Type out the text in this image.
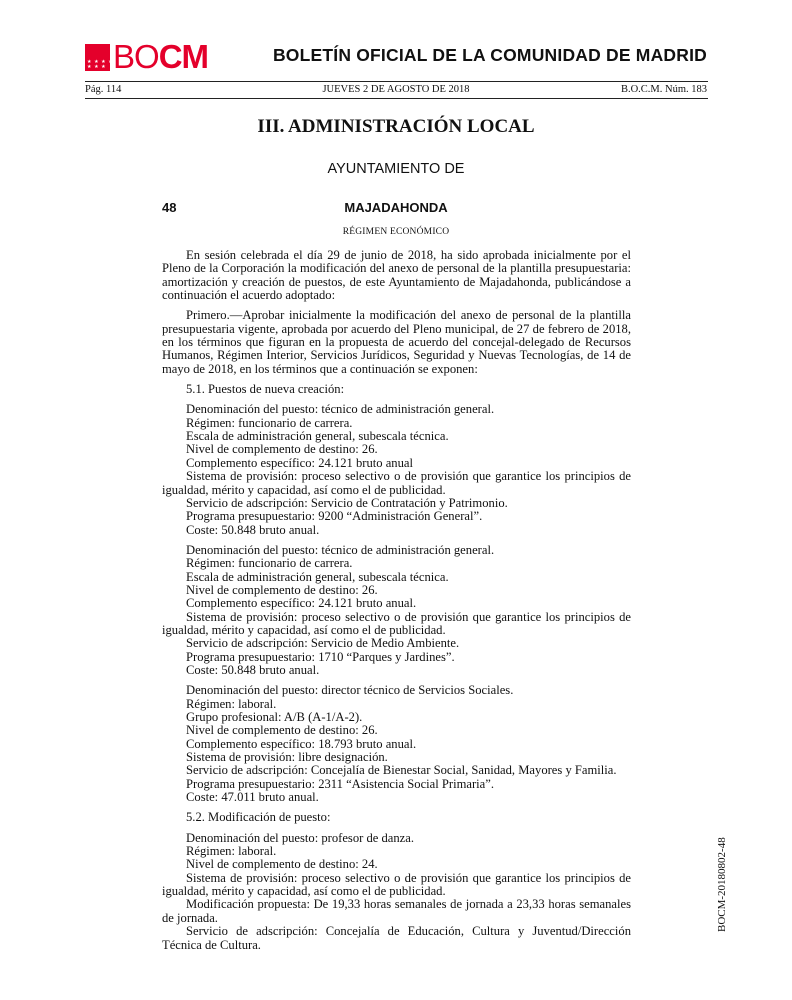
★ ★ ★ ★
★ ★ ★ BOCM	BOLETÍN OFICIAL DE LA COMUNIDAD DE MADRID
Pág. 114	JUEVES 2 DE AGOSTO DE 2018	B.O.C.M. Núm. 183
III. ADMINISTRACIÓN LOCAL
AYUNTAMIENTO DE
48	MAJADAHONDA
RÉGIMEN ECONÓMICO

En sesión celebrada el día 29 de junio de 2018, ha sido aprobada inicialmente por el Pleno de la Corporación la modificación del anexo de personal de la plantilla presupuestaria: amortización y creación de puestos, de este Ayuntamiento de Majadahonda, publicándose a continuación el acuerdo adoptado:

Primero.—Aprobar inicialmente la modificación del anexo de personal de la plantilla presupuestaria vigente, aprobada por acuerdo del Pleno municipal, de 27 de febrero de 2018, en los términos que figuran en la propuesta de acuerdo del concejal-delegado de Recursos Humanos, Régimen Interior, Servicios Jurídicos, Seguridad y Nuevas Tecnologías, de 14 de mayo de 2018, en los términos que a continuación se exponen:

5.1. Puestos de nueva creación:

Denominación del puesto: técnico de administración general.

Régimen: funcionario de carrera.

Escala de administración general, subescala técnica.

Nivel de complemento de destino: 26.

Complemento específico: 24.121 bruto anual

Sistema de provisión: proceso selectivo o de provisión que garantice los principios de igualdad, mérito y capacidad, así como el de publicidad.

Servicio de adscripción: Servicio de Contratación y Patrimonio.

Programa presupuestario: 9200 “Administración General”.

Coste: 50.848 bruto anual.

Denominación del puesto: técnico de administración general.

Régimen: funcionario de carrera.

Escala de administración general, subescala técnica.

Nivel de complemento de destino: 26.

Complemento específico: 24.121 bruto anual.

Sistema de provisión: proceso selectivo o de provisión que garantice los principios de igualdad, mérito y capacidad, así como el de publicidad.

Servicio de adscripción: Servicio de Medio Ambiente.

Programa presupuestario: 1710 “Parques y Jardines”.

Coste: 50.848 bruto anual.

Denominación del puesto: director técnico de Servicios Sociales.

Régimen: laboral.

Grupo profesional: A/B (A-1/A-2).

Nivel de complemento de destino: 26.

Complemento específico: 18.793 bruto anual.

Sistema de provisión: libre designación.

Servicio de adscripción: Concejalía de Bienestar Social, Sanidad, Mayores y Familia.

Programa presupuestario: 2311 “Asistencia Social Primaria”.

Coste: 47.011 bruto anual.

5.2. Modificación de puesto:

Denominación del puesto: profesor de danza.

Régimen: laboral.

Nivel de complemento de destino: 24.

Sistema de provisión: proceso selectivo o de provisión que garantice los principios de igualdad, mérito y capacidad, así como el de publicidad.

Modificación propuesta: De 19,33 horas semanales de jornada a 23,33 horas semanales de jornada.

Servicio de adscripción: Concejalía de Educación, Cultura y Juventud/Dirección Técnica de Cultura.

BOCM-20180802-48
